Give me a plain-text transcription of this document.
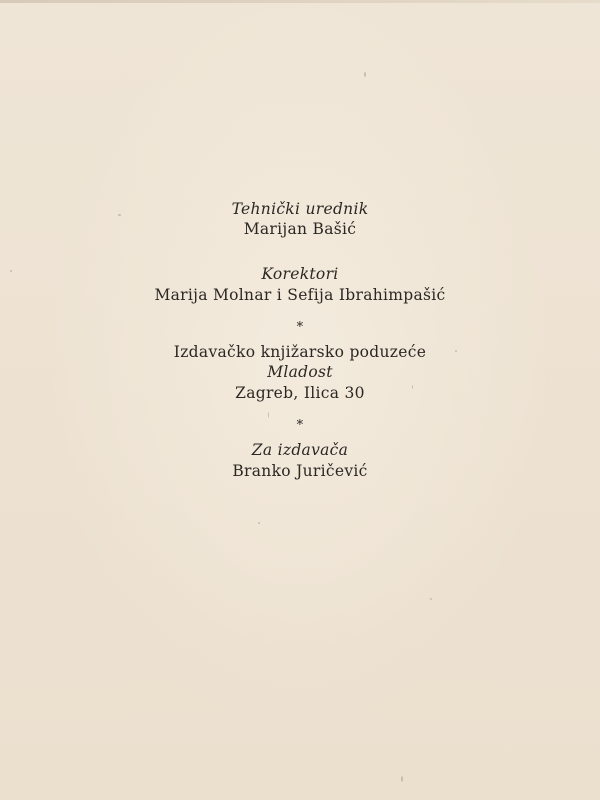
Tehnički urednik
Marijan Bašić
Korektori
Marija Molnar i Sefija Ibrahimpašić
*
Izdavačko knjižarsko poduzeće
Mladost
Zagreb, Ilica 30
*
Za izdavača
Branko Juričević
